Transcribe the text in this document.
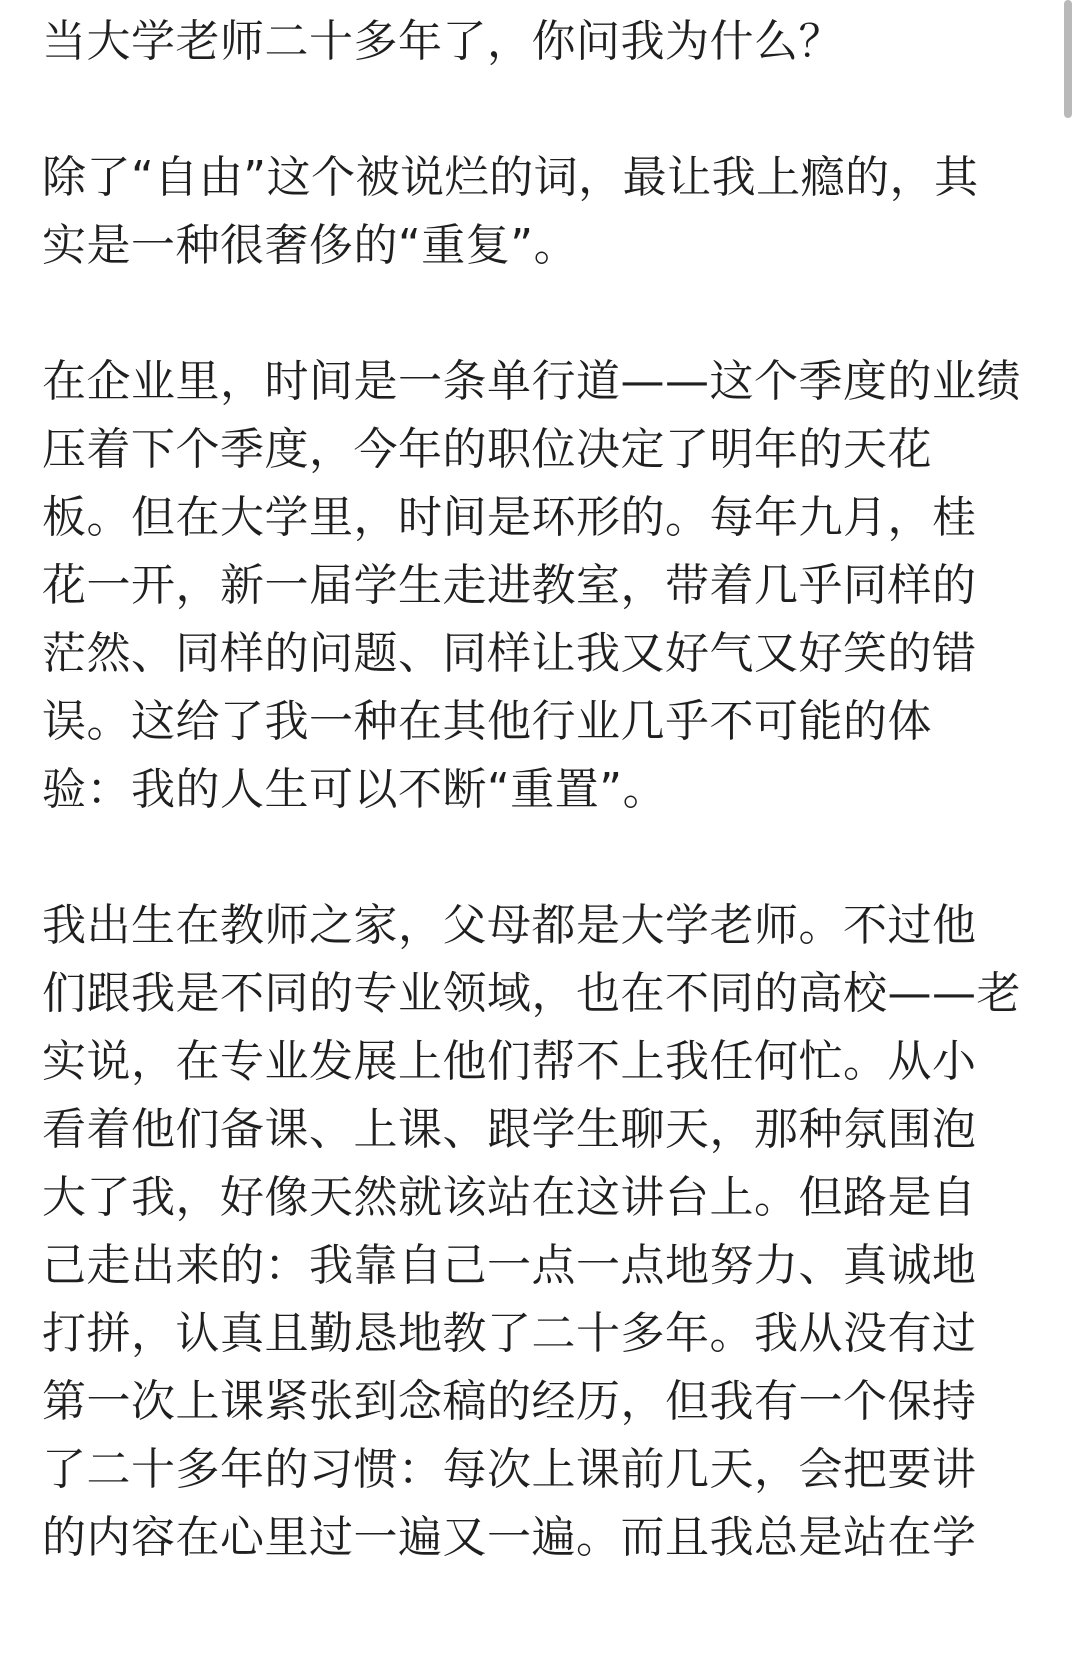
当大学老师二十多年了，你问我为什么？
除了“自由”这个被说烂的词，最让我上瘾的，其
实是一种很奢侈的“重复”。
在企业里，时间是一条单行道——这个季度的业绩
压着下个季度，今年的职位决定了明年的天花
板。但在大学里，时间是环形的。每年九月，桂
花一开，新一届学生走进教室，带着几乎同样的
茫然、同样的问题、同样让我又好气又好笑的错
误。这给了我一种在其他行业几乎不可能的体
验：我的人生可以不断“重置”。
我出生在教师之家，父母都是大学老师。不过他
们跟我是不同的专业领域，也在不同的高校——老
实说，在专业发展上他们帮不上我任何忙。从小
看着他们备课、上课、跟学生聊天，那种氛围泡
大了我，好像天然就该站在这讲台上。但路是自
己走出来的：我靠自己一点一点地努力、真诚地
打拼，认真且勤恳地教了二十多年。我从没有过
第一次上课紧张到念稿的经历，但我有一个保持
了二十多年的习惯：每次上课前几天，会把要讲
的内容在心里过一遍又一遍。而且我总是站在学
